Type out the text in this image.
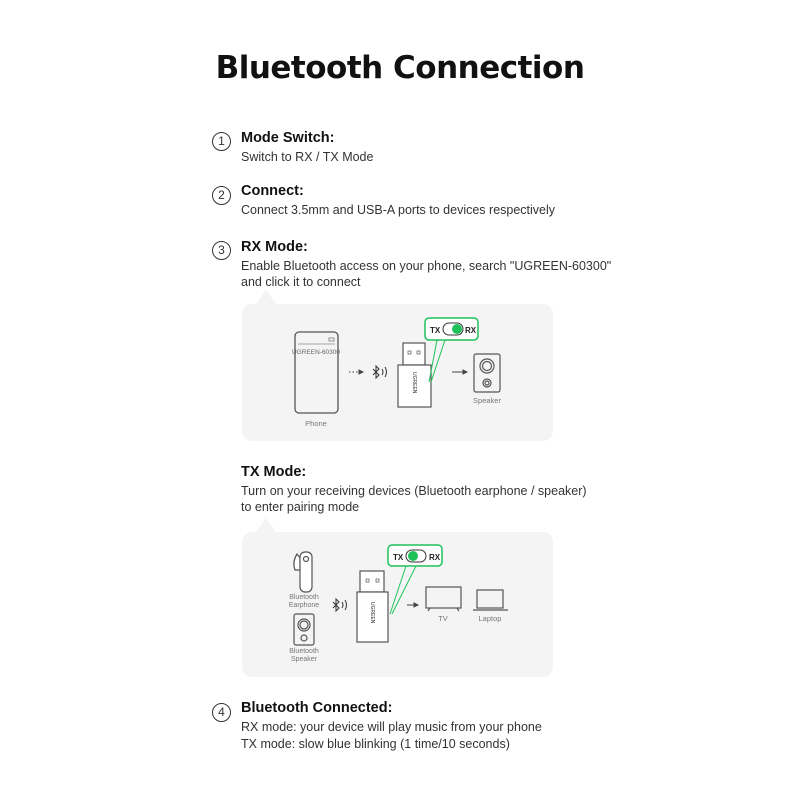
Bluetooth Connection
1	Mode Switch:
Switch to RX / TX Mode
2	Connect:
Connect 3.5mm and USB-A ports to devices respectively
3	RX Mode:
Enable Bluetooth access on your phone, search "UGREEN-60300"
and click it to connect
UGREEN-60300
Phone
UGREEN
TX	RX
Speaker
TX Mode:
Turn on your receiving devices (Bluetooth earphone / speaker)
to enter pairing mode
Bluetooth
Earphone
Bluetooth
Speaker
UGREEN
TX	RX
TV	Laptop
4	Bluetooth Connected:
RX mode: your device will play music from your phone
TX mode: slow blue blinking (1 time/10 seconds)
